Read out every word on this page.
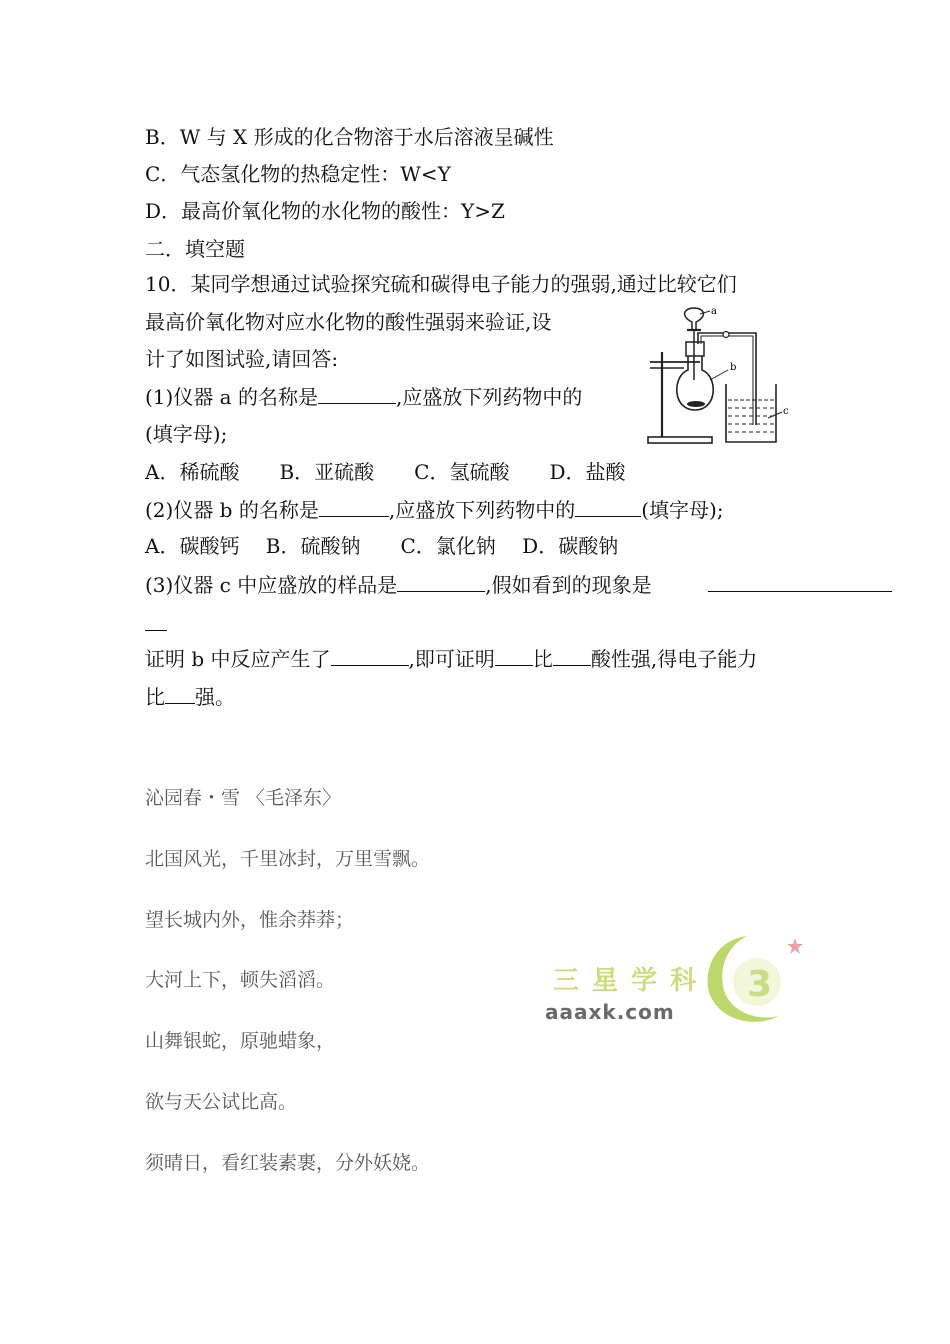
B．W 与 X 形成的化合物溶于水后溶液呈碱性
C．气态氢化物的热稳定性：W<Y
D．最高价氧化物的水化物的酸性：Y>Z
二．填空题
10．某同学想通过试验探究硫和碳得电子能力的强弱,通过比较它们
最高价氧化物对应水化物的酸性强弱来验证,设
计了如图试验,请回答:
(1)仪器 a 的名称是	,应盛放下列药物中的
(填字母);
A．稀硫酸　　B．亚硫酸　　C．氢硫酸　　D．盐酸
(2)仪器 b 的名称是	,应盛放下列药物中的	(填字母);
A．碳酸钙　 B．硫酸钠　　C．氯化钠　 D．碳酸钠
(3)仪器 c 中应盛放的样品是	,假如看到的现象是
证明 b 中反应产生了	,即可证明 比 酸性强,得电子能力
比 强。
a
b
c
沁园春・雪 〈毛泽东〉
北国风光，千里冰封，万里雪飘。
望长城内外，惟余莽莽；
大河上下，顿失滔滔。
山舞银蛇，原驰蜡象，
欲与天公试比高。
须晴日，看红装素裹，分外妖娆。
三 星 学 科
aaaxk.com
3
